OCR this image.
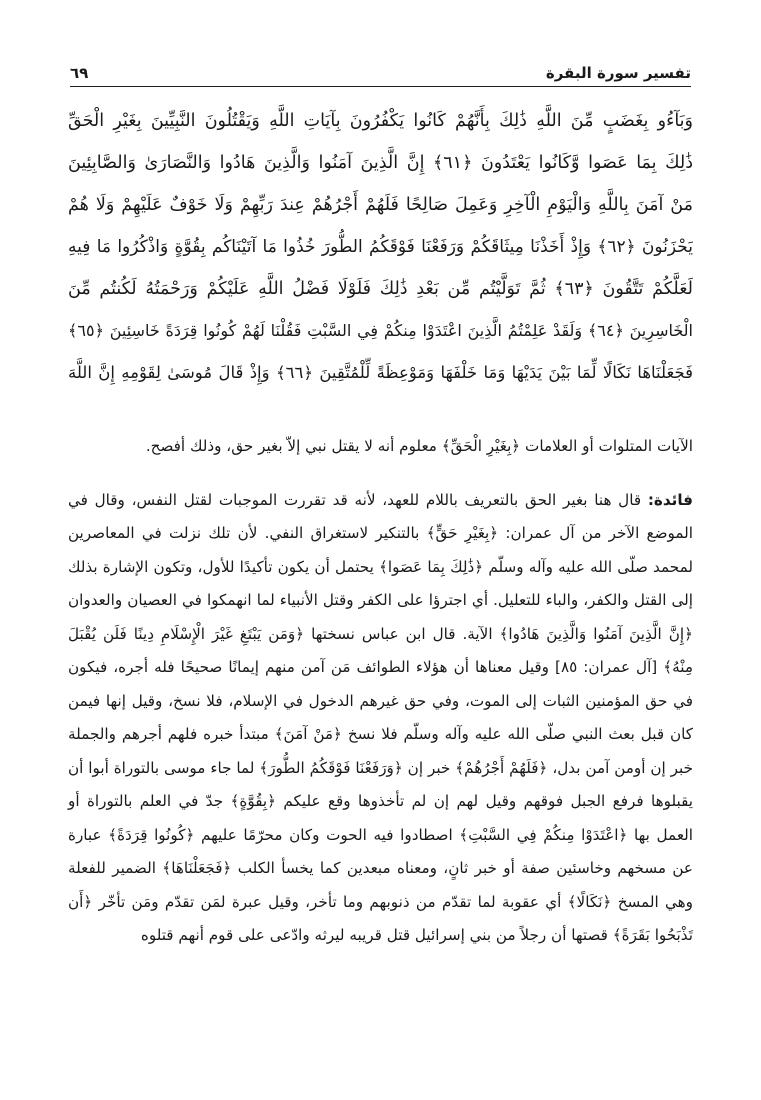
تفسير سورة البقرة
٦٩
وَبَآءُو بِغَضَبٍ مِّنَ اللَّهِ ذَٰلِكَ بِأَنَّهُمْ كَانُوا يَكْفُرُونَ بِآيَاتِ اللَّهِ وَيَقْتُلُونَ النَّبِيِّينَ بِغَيْرِ الْحَقِّ
ذَٰلِكَ بِمَا عَصَوا وَّكَانُوا يَعْتَدُونَ ﴿٦١﴾ إِنَّ الَّذِينَ آمَنُوا وَالَّذِينَ هَادُوا وَالنَّصَارَىٰ وَالصَّابِئِينَ
مَنْ آمَنَ بِاللَّهِ وَالْيَوْمِ الْآخِرِ وَعَمِلَ صَالِحًا فَلَهُمْ أَجْرُهُمْ عِندَ رَبِّهِمْ وَلَا خَوْفٌ عَلَيْهِمْ وَلَا هُمْ
يَحْزَنُونَ ﴿٦٢﴾ وَإِذْ أَخَذْنَا مِيثَاقَكُمْ وَرَفَعْنَا فَوْقَكُمُ الطُّورَ خُذُوا مَا آتَيْنَاكُم بِقُوَّةٍ وَاذْكُرُوا مَا فِيهِ
لَعَلَّكُمْ تَتَّقُونَ ﴿٦٣﴾ ثُمَّ تَوَلَّيْتُم مِّن بَعْدِ ذَٰلِكَ فَلَوْلَا فَضْلُ اللَّهِ عَلَيْكُمْ وَرَحْمَتُهُ لَكُنتُم مِّنَ
الْخَاسِرِينَ ﴿٦٤﴾ وَلَقَدْ عَلِمْتُمُ الَّذِينَ اعْتَدَوْا مِنكُمْ فِي السَّبْتِ فَقُلْنَا لَهُمْ كُونُوا قِرَدَةً خَاسِئِينَ ﴿٦٥﴾
فَجَعَلْنَاهَا نَكَالًا لِّمَا بَيْنَ يَدَيْهَا وَمَا خَلْفَهَا وَمَوْعِظَةً لِّلْمُتَّقِينَ ﴿٦٦﴾ وَإِذْ قَالَ مُوسَىٰ لِقَوْمِهِ إِنَّ اللَّهَ

الآيات المتلوات أو العلامات ﴿بِغَيْرِ الْحَقِّ﴾ معلوم أنه لا يقتل نبي إلاّ بغير حق، وذلك أفصح.

فائدة: قال هنا بغير الحق بالتعريف باللام للعهد، لأنه قد تقررت الموجبات لقتل النفس، وقال في الموضع الآخر من آل عمران: ﴿بِغَيْرِ حَقٍّ﴾ بالتنكير لاستغراق النفي. لأن تلك نزلت في المعاصرين لمحمد صلّى الله عليه وآله وسلّم ﴿ذَٰلِكَ بِمَا عَصَوا﴾ يحتمل أن يكون تأكيدًا للأول، وتكون الإشارة بذلك إلى القتل والكفر، والباء للتعليل. أي اجترؤا على الكفر وقتل الأنبياء لما انهمكوا في العصيان والعدوان ﴿إِنَّ الَّذِينَ آمَنُوا وَالَّذِينَ هَادُوا﴾ الآية. قال ابن عباس نسختها ﴿وَمَن يَبْتَغِ غَيْرَ الْإِسْلَامِ دِينًا فَلَن يُقْبَلَ مِنْهُ﴾ [آل عمران: ٨٥] وقيل معناها أن هؤلاء الطوائف مَن آمن منهم إيمانًا صحيحًا فله أجره، فيكون في حق المؤمنين الثبات إلى الموت، وفي حق غيرهم الدخول في الإسلام، فلا نسخ، وقيل إنها فيمن كان قبل بعث النبي صلّى الله عليه وآله وسلّم فلا نسخ ﴿مَنْ آمَنَ﴾ مبتدأ خبره فلهم أجرهم والجملة خبر إن أومن آمن بدل، ﴿فَلَهُمْ أَجْرُهُمْ﴾ خبر إن ﴿وَرَفَعْنَا فَوْقَكُمُ الطُّورَ﴾ لما جاء موسى بالتوراة أبوا أن يقبلوها فرفع الجبل فوقهم وقيل لهم إن لم تأخذوها وقع عليكم ﴿بِقُوَّةٍ﴾ جدّ في العلم بالتوراة أو العمل بها ﴿اعْتَدَوْا مِنكُمْ فِي السَّبْتِ﴾ اصطادوا فيه الحوت وكان محرّمًا عليهم ﴿كُونُوا قِرَدَةً﴾ عبارة عن مسخهم وخاسئين صفة أو خبر ثانٍ، ومعناه مبعدين كما يخسأ الكلب ﴿فَجَعَلْنَاهَا﴾ الضمير للفعلة وهي المسخ ﴿نَكَالًا﴾ أي عقوبة لما تقدّم من ذنوبهم وما تأخر، وقيل عبرة لمَن تقدّم ومَن تأخّر ﴿أَن تَذْبَحُوا بَقَرَةً﴾ قصتها أن رجلاً من بني إسرائيل قتل قريبه ليرثه وادّعى على قوم أنهم قتلوه
